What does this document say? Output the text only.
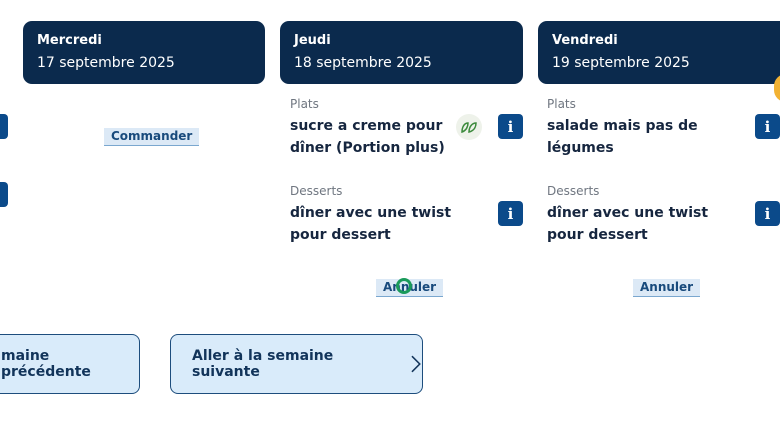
Mercredi
17 septembre 2025
Jeudi
18 septembre 2025
Vendredi
19 septembre 2025
Commander
Plats
sucre a creme pour dîner (Portion plus)
i
Desserts
dîner avec une twist pour dessert
i
Annuler
Plats
salade mais pas de légumes
i
Desserts
dîner avec une twist pour dessert
i
Annuler
maine précédente
Aller à la semaine suivante
